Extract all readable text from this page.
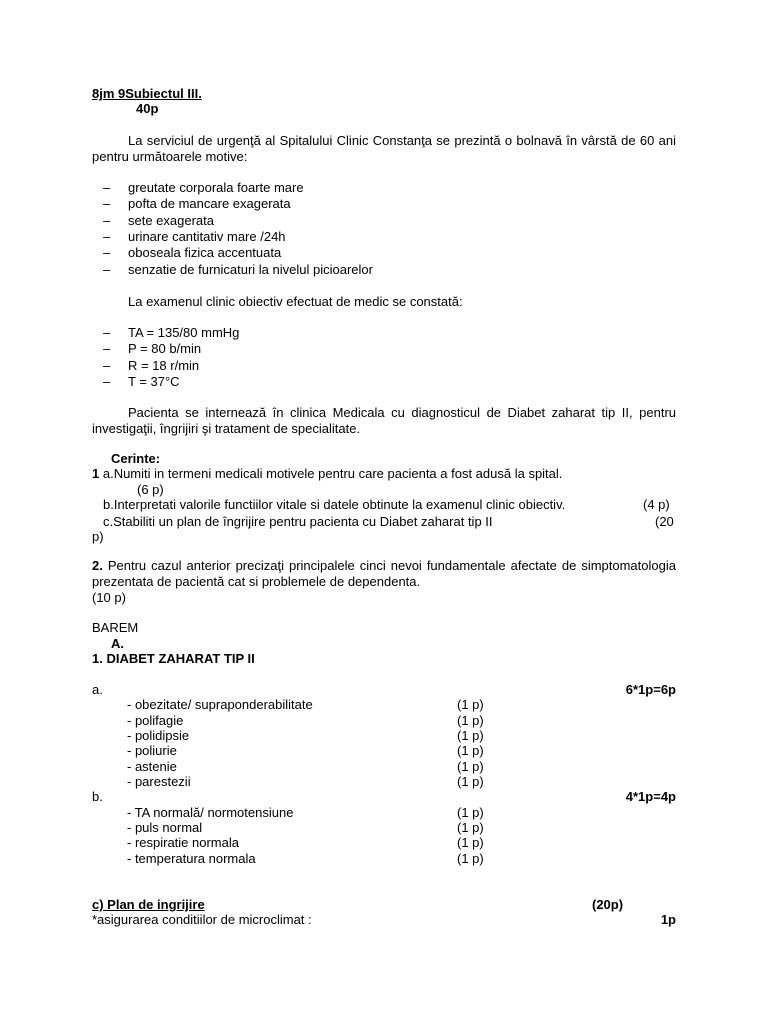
8jm 9Subiectul III.
40p
La serviciul de urgenţă al Spitalului Clinic Constanţa se prezintă o bolnavă în vârstă de 60 ani pentru următoarele motive:
– greutate corporala foarte mare
– pofta de mancare exagerata
– sete exagerata
– urinare cantitativ mare /24h
– oboseala fizica accentuata
– senzatie de furnicaturi la nivelul picioarelor
La examenul clinic obiectiv efectuat de medic se constată:
– TA = 135/80 mmHg
– P = 80 b/min
– R = 18 r/min
– T = 37°C
Pacienta se internează în clinica Medicala cu diagnosticul de Diabet zaharat tip II, pentru investigaţii, îngrijiri şi tratament de specialitate.
Cerinte:
1 a.Numiti in termeni medicali motivele pentru care pacienta a fost adusă la spital.
(6 p)
b.Interpretati valorile functiilor vitale si datele obtinute la examenul clinic obiectiv.	(4 p)
c.Stabiliti un plan de îngrijire pentru pacienta cu Diabet zaharat tip II	(20
p)
2. Pentru cazul anterior precizaţi principalele cinci nevoi fundamentale afectate de simptomatologia prezentata de pacientă cat si problemele de dependenta.
(10 p)
BAREM
A.
1. DIABET ZAHARAT TIP II
a.	6*1p=6p
- obezitate/ supraponderabilitate	(1 p)
- polifagie	(1 p)
- polidipsie	(1 p)
- poliurie	(1 p)
- astenie	(1 p)
- parestezii	(1 p)
b.	4*1p=4p
- TA normală/ normotensiune	(1 p)
- puls normal	(1 p)
- respiratie normala	(1 p)
- temperatura normala	(1 p)
c) Plan de ingrijire	(20p)
*asigurarea conditiilor de microclimat :	1p
